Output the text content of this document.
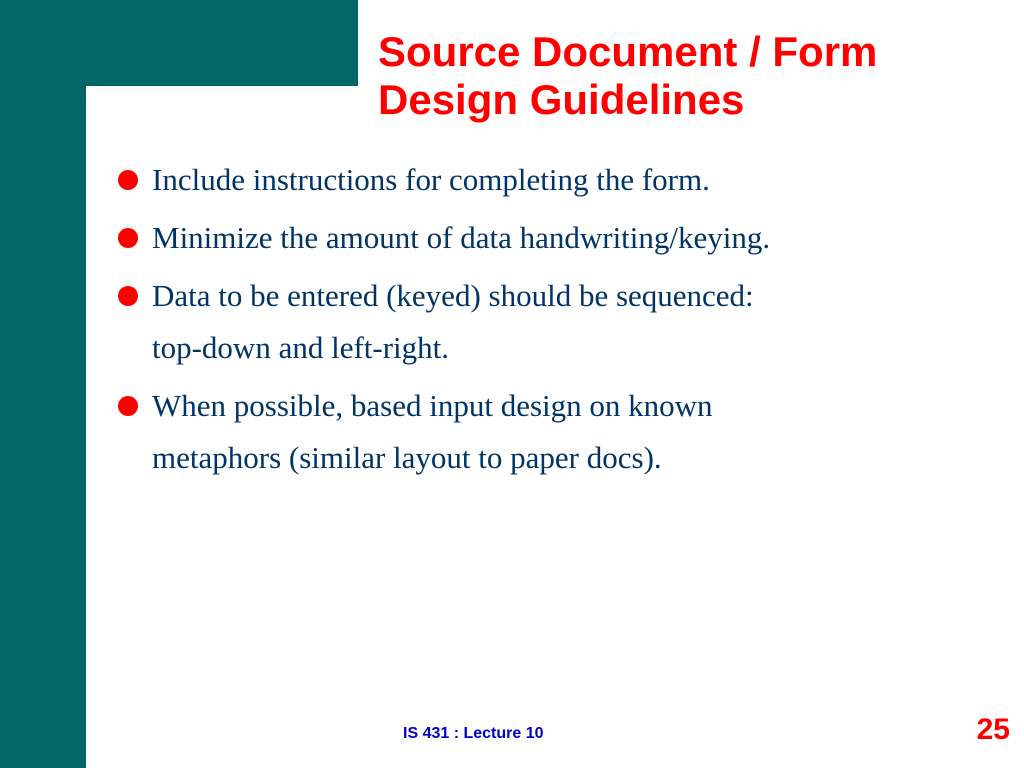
Source Document / Form
Design Guidelines
Include instructions for completing the form.
Minimize the amount of data handwriting/keying.
Data to be entered (keyed) should be sequenced:
top-down and left-right.
When possible, based input design on known
metaphors (similar layout to paper docs).
IS 431 : Lecture 10	25
